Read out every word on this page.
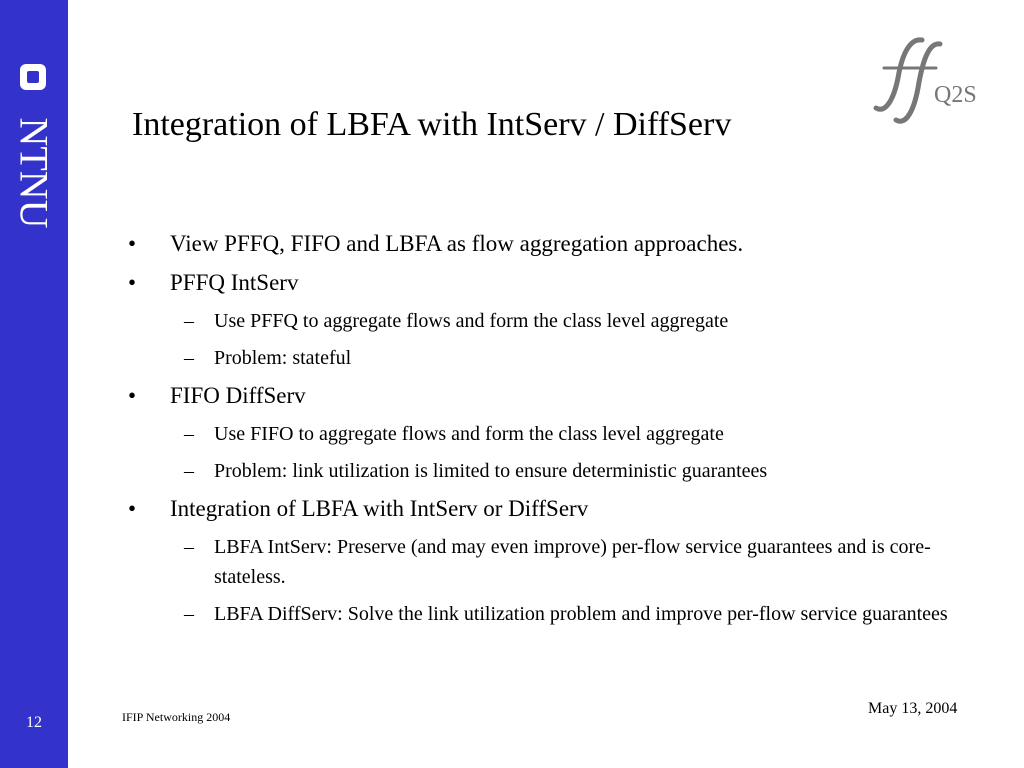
NTNU
12
Q2S
Integration of LBFA with IntServ / DiffServ
• View PFFQ, FIFO and LBFA as flow aggregation approaches.
• PFFQ IntServ
– Use PFFQ to aggregate flows and form the class level aggregate
– Problem: stateful
• FIFO DiffServ
– Use FIFO to aggregate flows and form the class level aggregate
– Problem: link utilization is limited to ensure deterministic guarantees
• Integration of LBFA with IntServ or DiffServ
– LBFA IntServ: Preserve (and may even improve) per-flow service guarantees and is core-stateless.
– LBFA DiffServ: Solve the link utilization problem and improve per-flow service guarantees
IFIP Networking 2004	May 13, 2004
